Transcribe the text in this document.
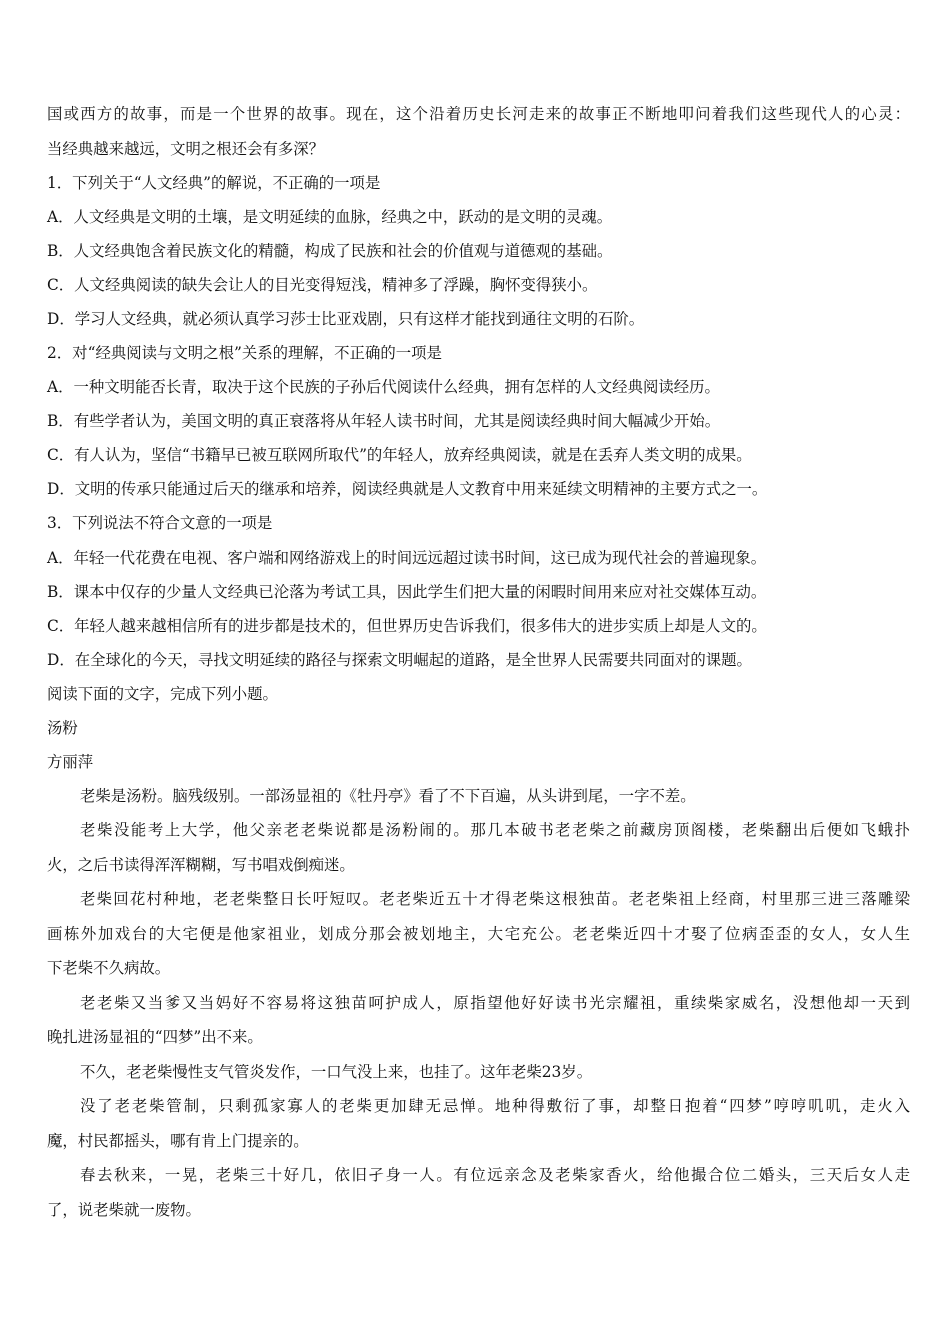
国或西方的故事，而是一个世界的故事。现在，这个沿着历史长河走来的故事正不断地叩问着我们这些现代人的心灵：
当经典越来越远，文明之根还会有多深？
1．下列关于“人文经典”的解说，不正确的一项是
A．人文经典是文明的土壤，是文明延续的血脉，经典之中，跃动的是文明的灵魂。
B．人文经典饱含着民族文化的精髓，构成了民族和社会的价值观与道德观的基础。
C．人文经典阅读的缺失会让人的目光变得短浅，精神多了浮躁，胸怀变得狭小。
D．学习人文经典，就必须认真学习莎士比亚戏剧，只有这样才能找到通往文明的石阶。
2．对“经典阅读与文明之根”关系的理解，不正确的一项是
A．一种文明能否长青，取决于这个民族的子孙后代阅读什么经典，拥有怎样的人文经典阅读经历。
B．有些学者认为，美国文明的真正衰落将从年轻人读书时间，尤其是阅读经典时间大幅减少开始。
C．有人认为，坚信“书籍早已被互联网所取代”的年轻人，放弃经典阅读，就是在丢弃人类文明的成果。
D．文明的传承只能通过后天的继承和培养，阅读经典就是人文教育中用来延续文明精神的主要方式之一。
3．下列说法不符合文意的一项是
A．年轻一代花费在电视、客户端和网络游戏上的时间远远超过读书时间，这已成为现代社会的普遍现象。
B．课本中仅存的少量人文经典已沦落为考试工具，因此学生们把大量的闲暇时间用来应对社交媒体互动。
C．年轻人越来越相信所有的进步都是技术的，但世界历史告诉我们，很多伟大的进步实质上却是人文的。
D．在全球化的今天，寻找文明延续的路径与探索文明崛起的道路，是全世界人民需要共同面对的课题。
阅读下面的文字，完成下列小题。
汤粉
方丽萍
老柴是汤粉。脑残级别。一部汤显祖的《牡丹亭》看了不下百遍，从头讲到尾，一字不差。
老柴没能考上大学，他父亲老老柴说都是汤粉闹的。那几本破书老老柴之前藏房顶阁楼，老柴翻出后便如飞蛾扑
火，之后书读得浑浑糊糊，写书唱戏倒痴迷。
老柴回花村种地，老老柴整日长吁短叹。老老柴近五十才得老柴这根独苗。老老柴祖上经商，村里那三进三落雕梁
画栋外加戏台的大宅便是他家祖业，划成分那会被划地主，大宅充公。老老柴近四十才娶了位病歪歪的女人，女人生
下老柴不久病故。
老老柴又当爹又当妈好不容易将这独苗呵护成人，原指望他好好读书光宗耀祖，重续柴家威名，没想他却一天到
晚扎进汤显祖的“四梦”出不来。
不久，老老柴慢性支气管炎发作，一口气没上来，也挂了。这年老柴23岁。
没了老老柴管制，只剩孤家寡人的老柴更加肆无忌惮。地种得敷衍了事，却整日抱着“四梦”哼哼叽叽，走火入
魔，村民都摇头，哪有肯上门提亲的。
春去秋来，一晃，老柴三十好几，依旧孑身一人。有位远亲念及老柴家香火，给他撮合位二婚头，三天后女人走
了，说老柴就一废物。
